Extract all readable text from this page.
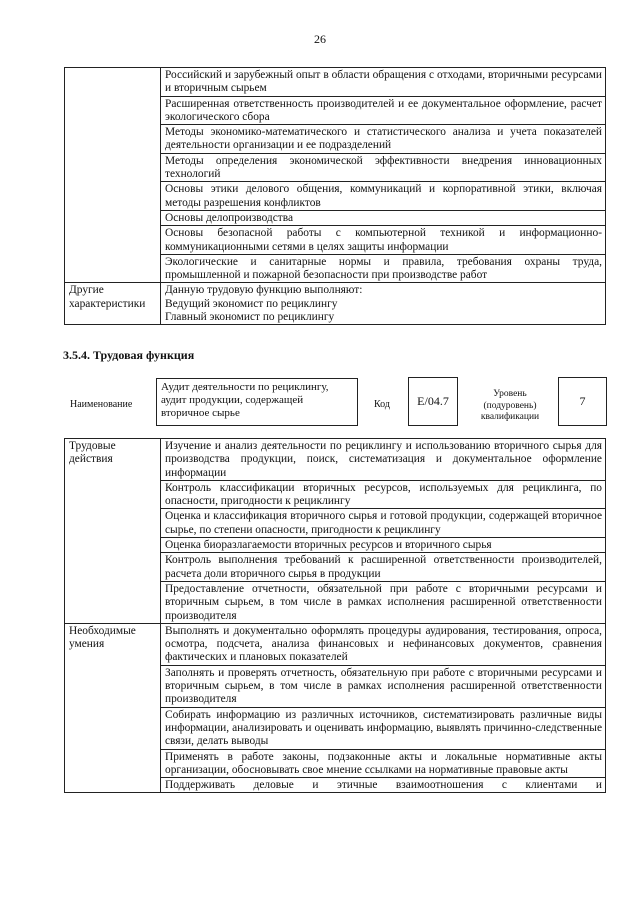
26
	Российский и зарубежный опыт в области обращения с отходами, вторичными ресурсами и вторичным сырьем
	Расширенная ответственность производителей и ее документальное оформление, расчет экологического сбора
	Методы экономико-математического и статистического анализа и учета показателей деятельности организации и ее подразделений
	Методы определения экономической эффективности внедрения инновационных технологий
	Основы этики делового общения, коммуникаций и корпоративной этики, включая методы разрешения конфликтов
	Основы делопроизводства
	Основы безопасной работы с компьютерной техникой и информационно-коммуникационными сетями в целях защиты информации
	Экологические и санитарные нормы и правила, требования охраны труда, промышленной и пожарной безопасности при производстве работ
Другие характеристики	Данную трудовую функцию выполняют:
Ведущий экономист по рециклингу
Главный экономист по рециклингу
3.5.4. Трудовая функция
Наименование
Аудит деятельности по рециклингу, аудит продукции, содержащей вторичное сырье
Код	E/04.7	Уровень (подуровень) квалификации
7
Трудовые действия	Изучение и анализ деятельности по рециклингу и использованию вторичного сырья для производства продукции, поиск, систематизация и документальное оформление информации
	Контроль классификации вторичных ресурсов, используемых для рециклинга, по опасности, пригодности к рециклингу
	Оценка и классификация вторичного сырья и готовой продукции, содержащей вторичное сырье, по степени опасности, пригодности к рециклингу
	Оценка биоразлагаемости вторичных ресурсов и вторичного сырья
	Контроль выполнения требований к расширенной ответственности производителей, расчета доли вторичного сырья в продукции
	Предоставление отчетности, обязательной при работе с вторичными ресурсами и вторичным сырьем, в том числе в рамках исполнения расширенной ответственности производителя
Необходимые умения	Выполнять и документально оформлять процедуры аудирования, тестирования, опроса, осмотра, подсчета, анализа финансовых и нефинансовых документов, сравнения фактических и плановых показателей
	Заполнять и проверять отчетность, обязательную при работе с вторичными ресурсами и вторичным сырьем, в том числе в рамках исполнения расширенной ответственности производителя
	Собирать информацию из различных источников, систематизировать различные виды информации, анализировать и оценивать информацию, выявлять причинно-следственные связи, делать выводы
	Применять в работе законы, подзаконные акты и локальные нормативные акты организации, обосновывать свое мнение ссылками на нормативные правовые акты
	Поддерживать деловые и этичные взаимоотношения с клиентами и
